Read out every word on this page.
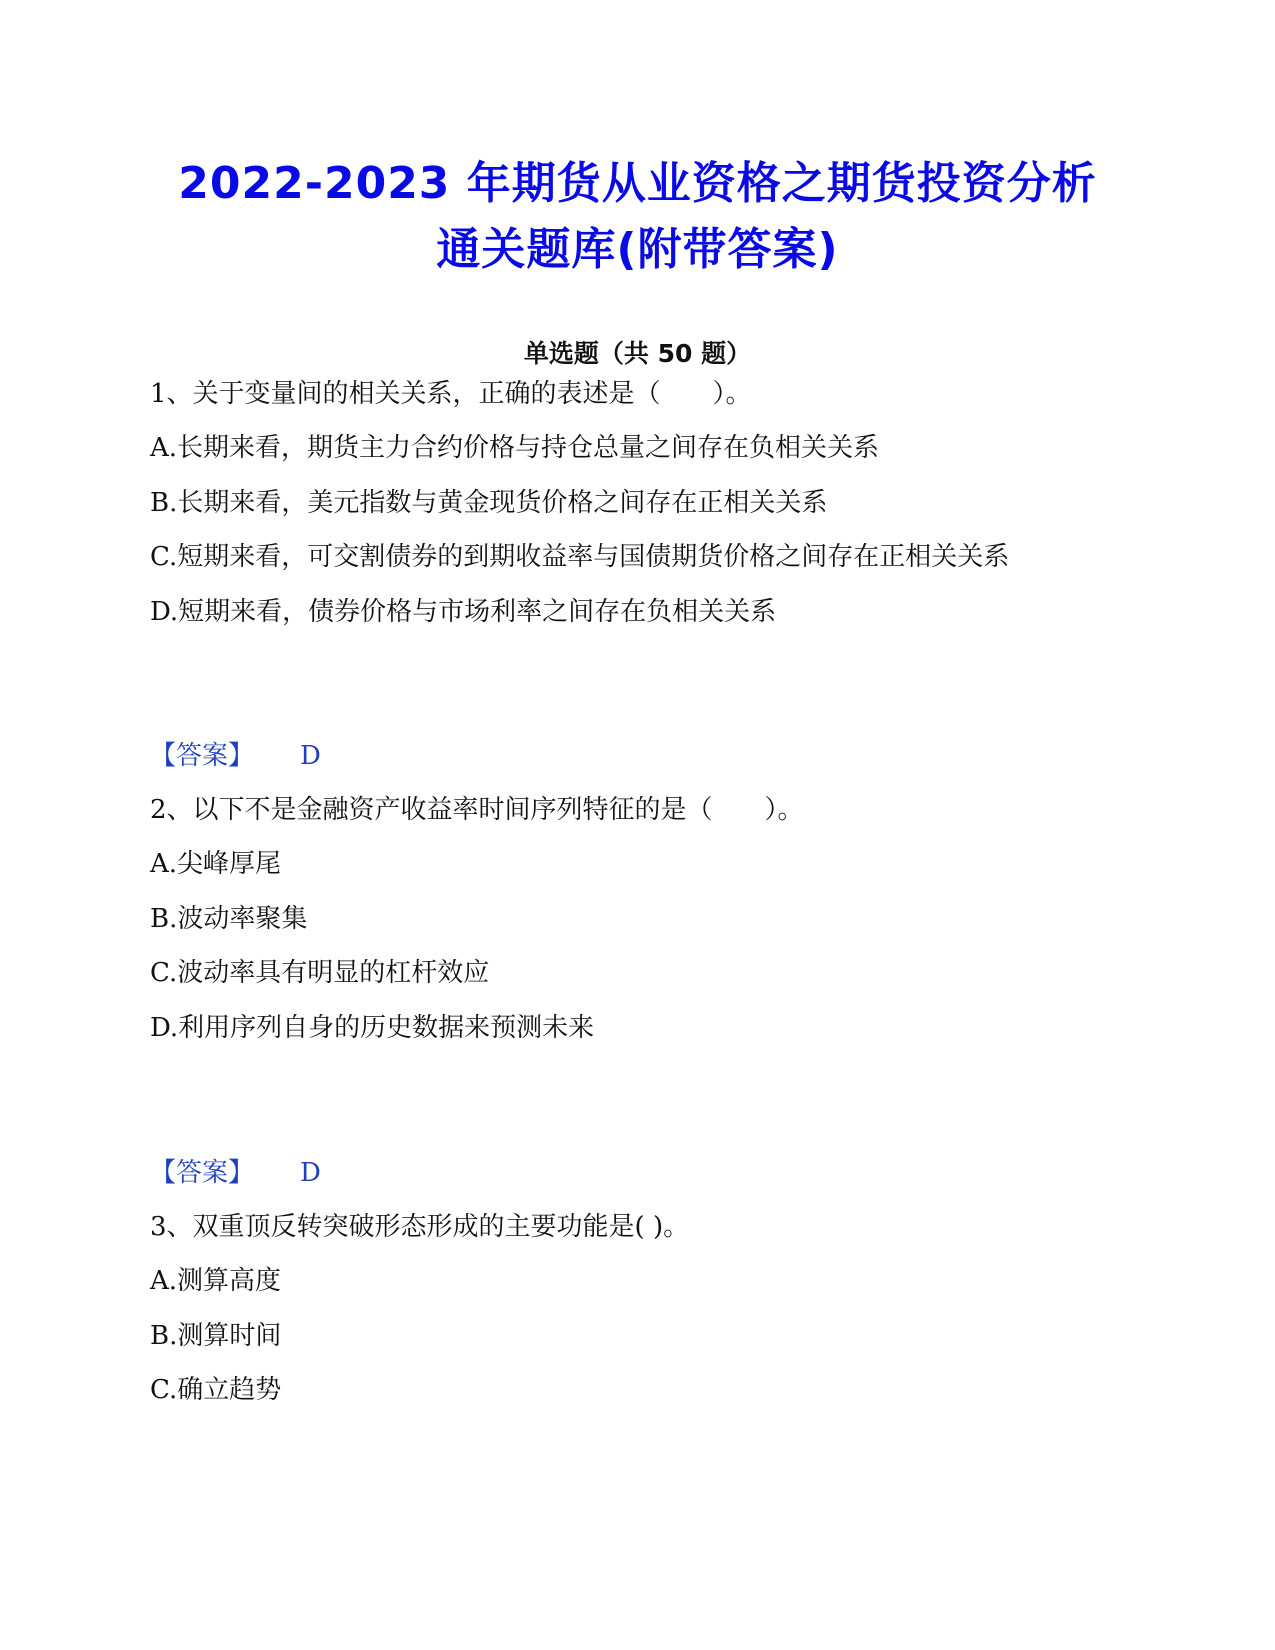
2022-2023 年期货从业资格之期货投资分析
通关题库(附带答案)
单选题（共 50 题）
1、关于变量间的相关关系，正确的表述是（　　）。
A.长期来看，期货主力合约价格与持仓总量之间存在负相关关系
B.长期来看，美元指数与黄金现货价格之间存在正相关关系
C.短期来看，可交割债券的到期收益率与国债期货价格之间存在正相关关系
D.短期来看，债券价格与市场利率之间存在负相关关系
【答案】 D
2、以下不是金融资产收益率时间序列特征的是（　　）。
A.尖峰厚尾
B.波动率聚集
C.波动率具有明显的杠杆效应
D.利用序列自身的历史数据来预测未来
【答案】 D
3、双重顶反转突破形态形成的主要功能是( )。
A.测算高度
B.测算时间
C.确立趋势
